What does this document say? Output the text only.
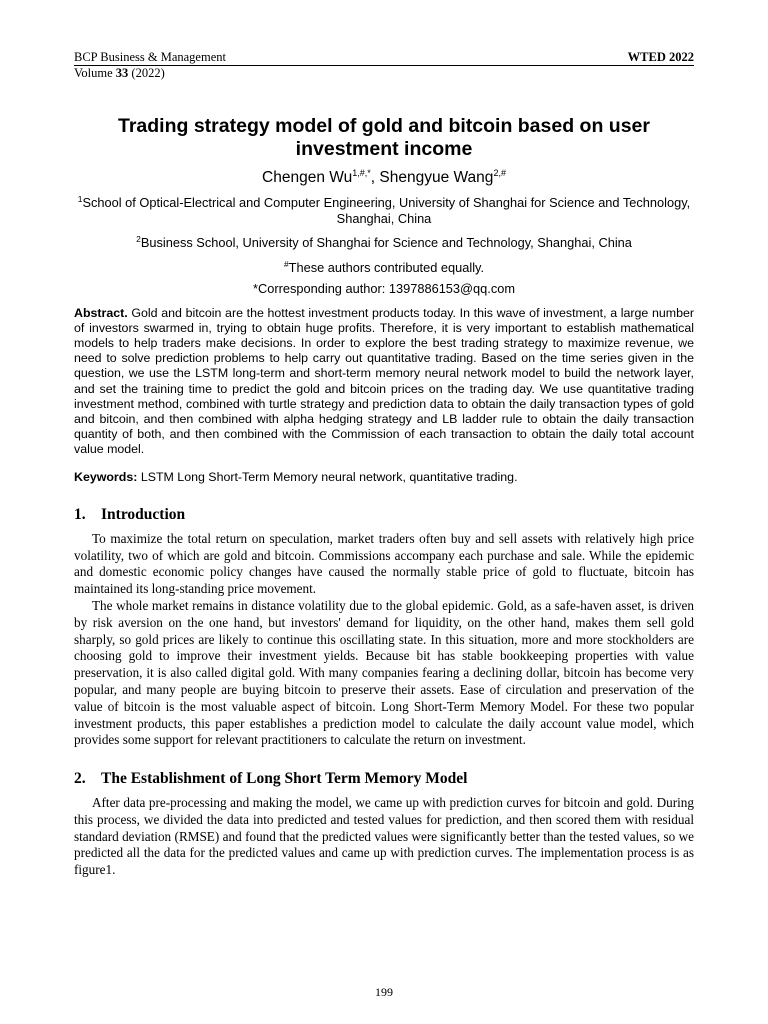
BCP Business & Management	WTED 2022
Volume 33 (2022)
Trading strategy model of gold and bitcoin based on user investment income
Chengen $Wu^{1,\#,*}$, Shengyue Wang$^{2,\#}$
$^1$School of Optical-Electrical and Computer Engineering, University of Shanghai for Science and Technology, Shanghai, China
$^2$Business School, University of Shanghai for Science and Technology, Shanghai, China
#These authors contributed equally.
*Corresponding author: 1397886153@qq.com
Abstract. Gold and bitcoin are the hottest investment products today. In this wave of investment, a large number of investors swarmed in, trying to obtain huge profits. Therefore, it is very important to establish mathematical models to help traders make decisions. In order to explore the best trading strategy to maximize revenue, we need to solve prediction problems to help carry out quantitative trading. Based on the time series given in the question, we use the LSTM long-term and short-term memory neural network model to build the network layer, and set the training time to predict the gold and bitcoin prices on the trading day. We use quantitative trading investment method, combined with turtle strategy and prediction data to obtain the daily transaction types of gold and bitcoin, and then combined with alpha hedging strategy and LB ladder rule to obtain the daily transaction quantity of both, and then combined with the Commission of each transaction to obtain the daily total account value model.
Keywords: LSTM Long Short-Term Memory neural network, quantitative trading.
1. Introduction

To maximize the total return on speculation, market traders often buy and sell assets with relatively high price volatility, two of which are gold and bitcoin. Commissions accompany each purchase and sale. While the epidemic and domestic economic policy changes have caused the normally stable price of gold to fluctuate, bitcoin has maintained its long-standing price movement.

The whole market remains in distance volatility due to the global epidemic. Gold, as a safe-haven asset, is driven by risk aversion on the one hand, but investors' demand for liquidity, on the other hand, makes them sell gold sharply, so gold prices are likely to continue this oscillating state. In this situation, more and more stockholders are choosing gold to improve their investment yields. Because bit has stable bookkeeping properties with value preservation, it is also called digital gold. With many companies fearing a declining dollar, bitcoin has become very popular, and many people are buying bitcoin to preserve their assets. Ease of circulation and preservation of the value of bitcoin is the most valuable aspect of bitcoin. Long Short-Term Memory Model. For these two popular investment products, this paper establishes a prediction model to calculate the daily account value model, which provides some support for relevant practitioners to calculate the return on investment.

2. The Establishment of Long Short Term Memory Model

After data pre-processing and making the model, we came up with prediction curves for bitcoin and gold. During this process, we divided the data into predicted and tested values for prediction, and then scored them with residual standard deviation (RMSE) and found that the predicted values were significantly better than the tested values, so we predicted all the data for the predicted values and came up with prediction curves. The implementation process is as figure1.

199
